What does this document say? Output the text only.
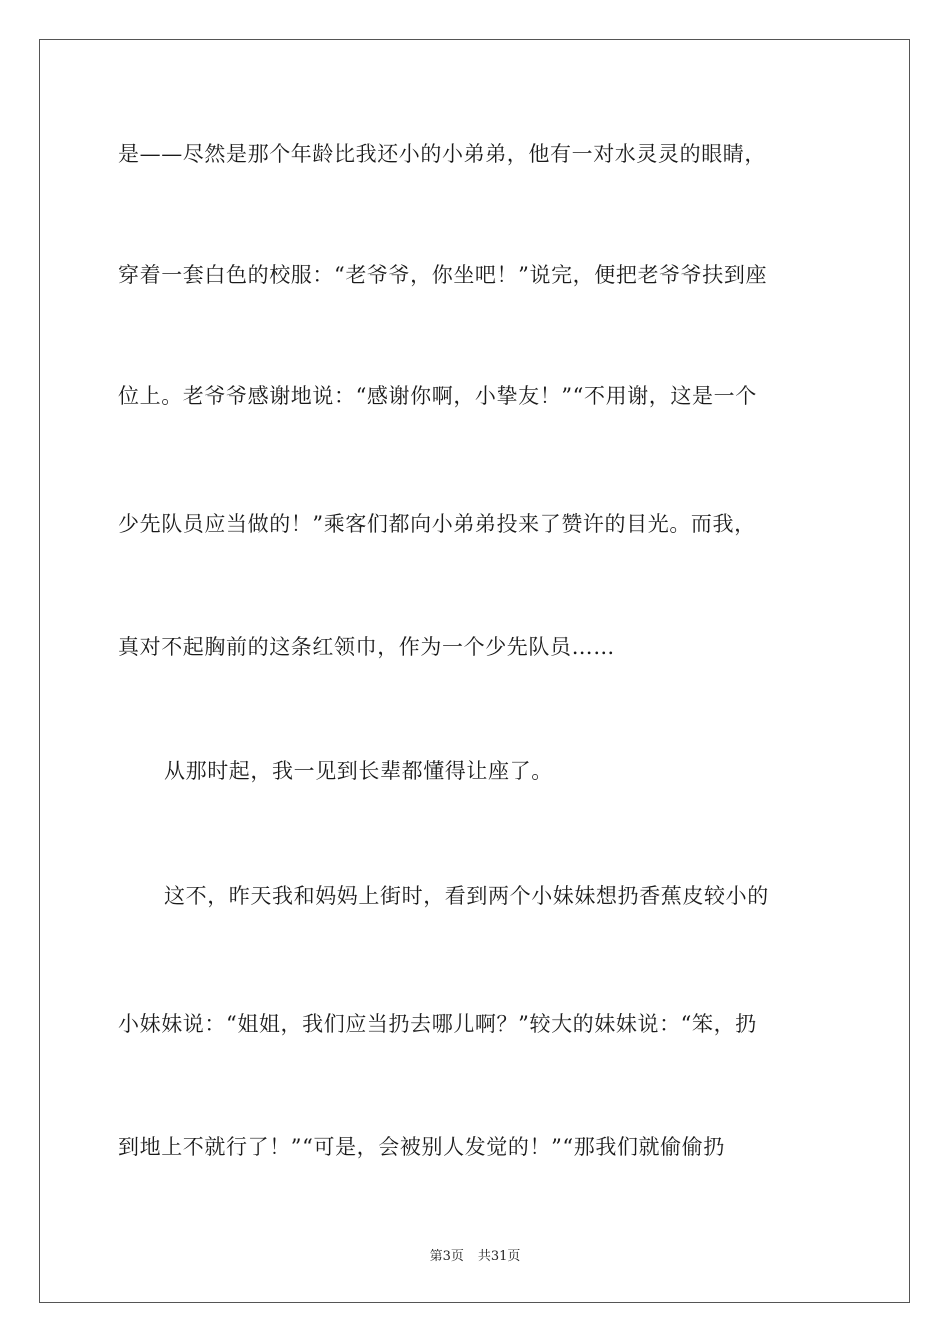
是——尽然是那个年龄比我还小的小弟弟，他有一对水灵灵的眼睛，
穿着一套白色的校服：“老爷爷，你坐吧！”说完，便把老爷爷扶到座
位上。老爷爷感谢地说：“感谢你啊，小挚友！”“不用谢，这是一个
少先队员应当做的！”乘客们都向小弟弟投来了赞许的目光。而我，
真对不起胸前的这条红领巾，作为一个少先队员……
从那时起，我一见到长辈都懂得让座了。
这不，昨天我和妈妈上街时，看到两个小妹妹想扔香蕉皮较小的
小妹妹说：“姐姐，我们应当扔去哪儿啊？”较大的妹妹说：“笨，扔
到地上不就行了！”“可是，会被别人发觉的！”“那我们就偷偷扔
第3页 共31页
